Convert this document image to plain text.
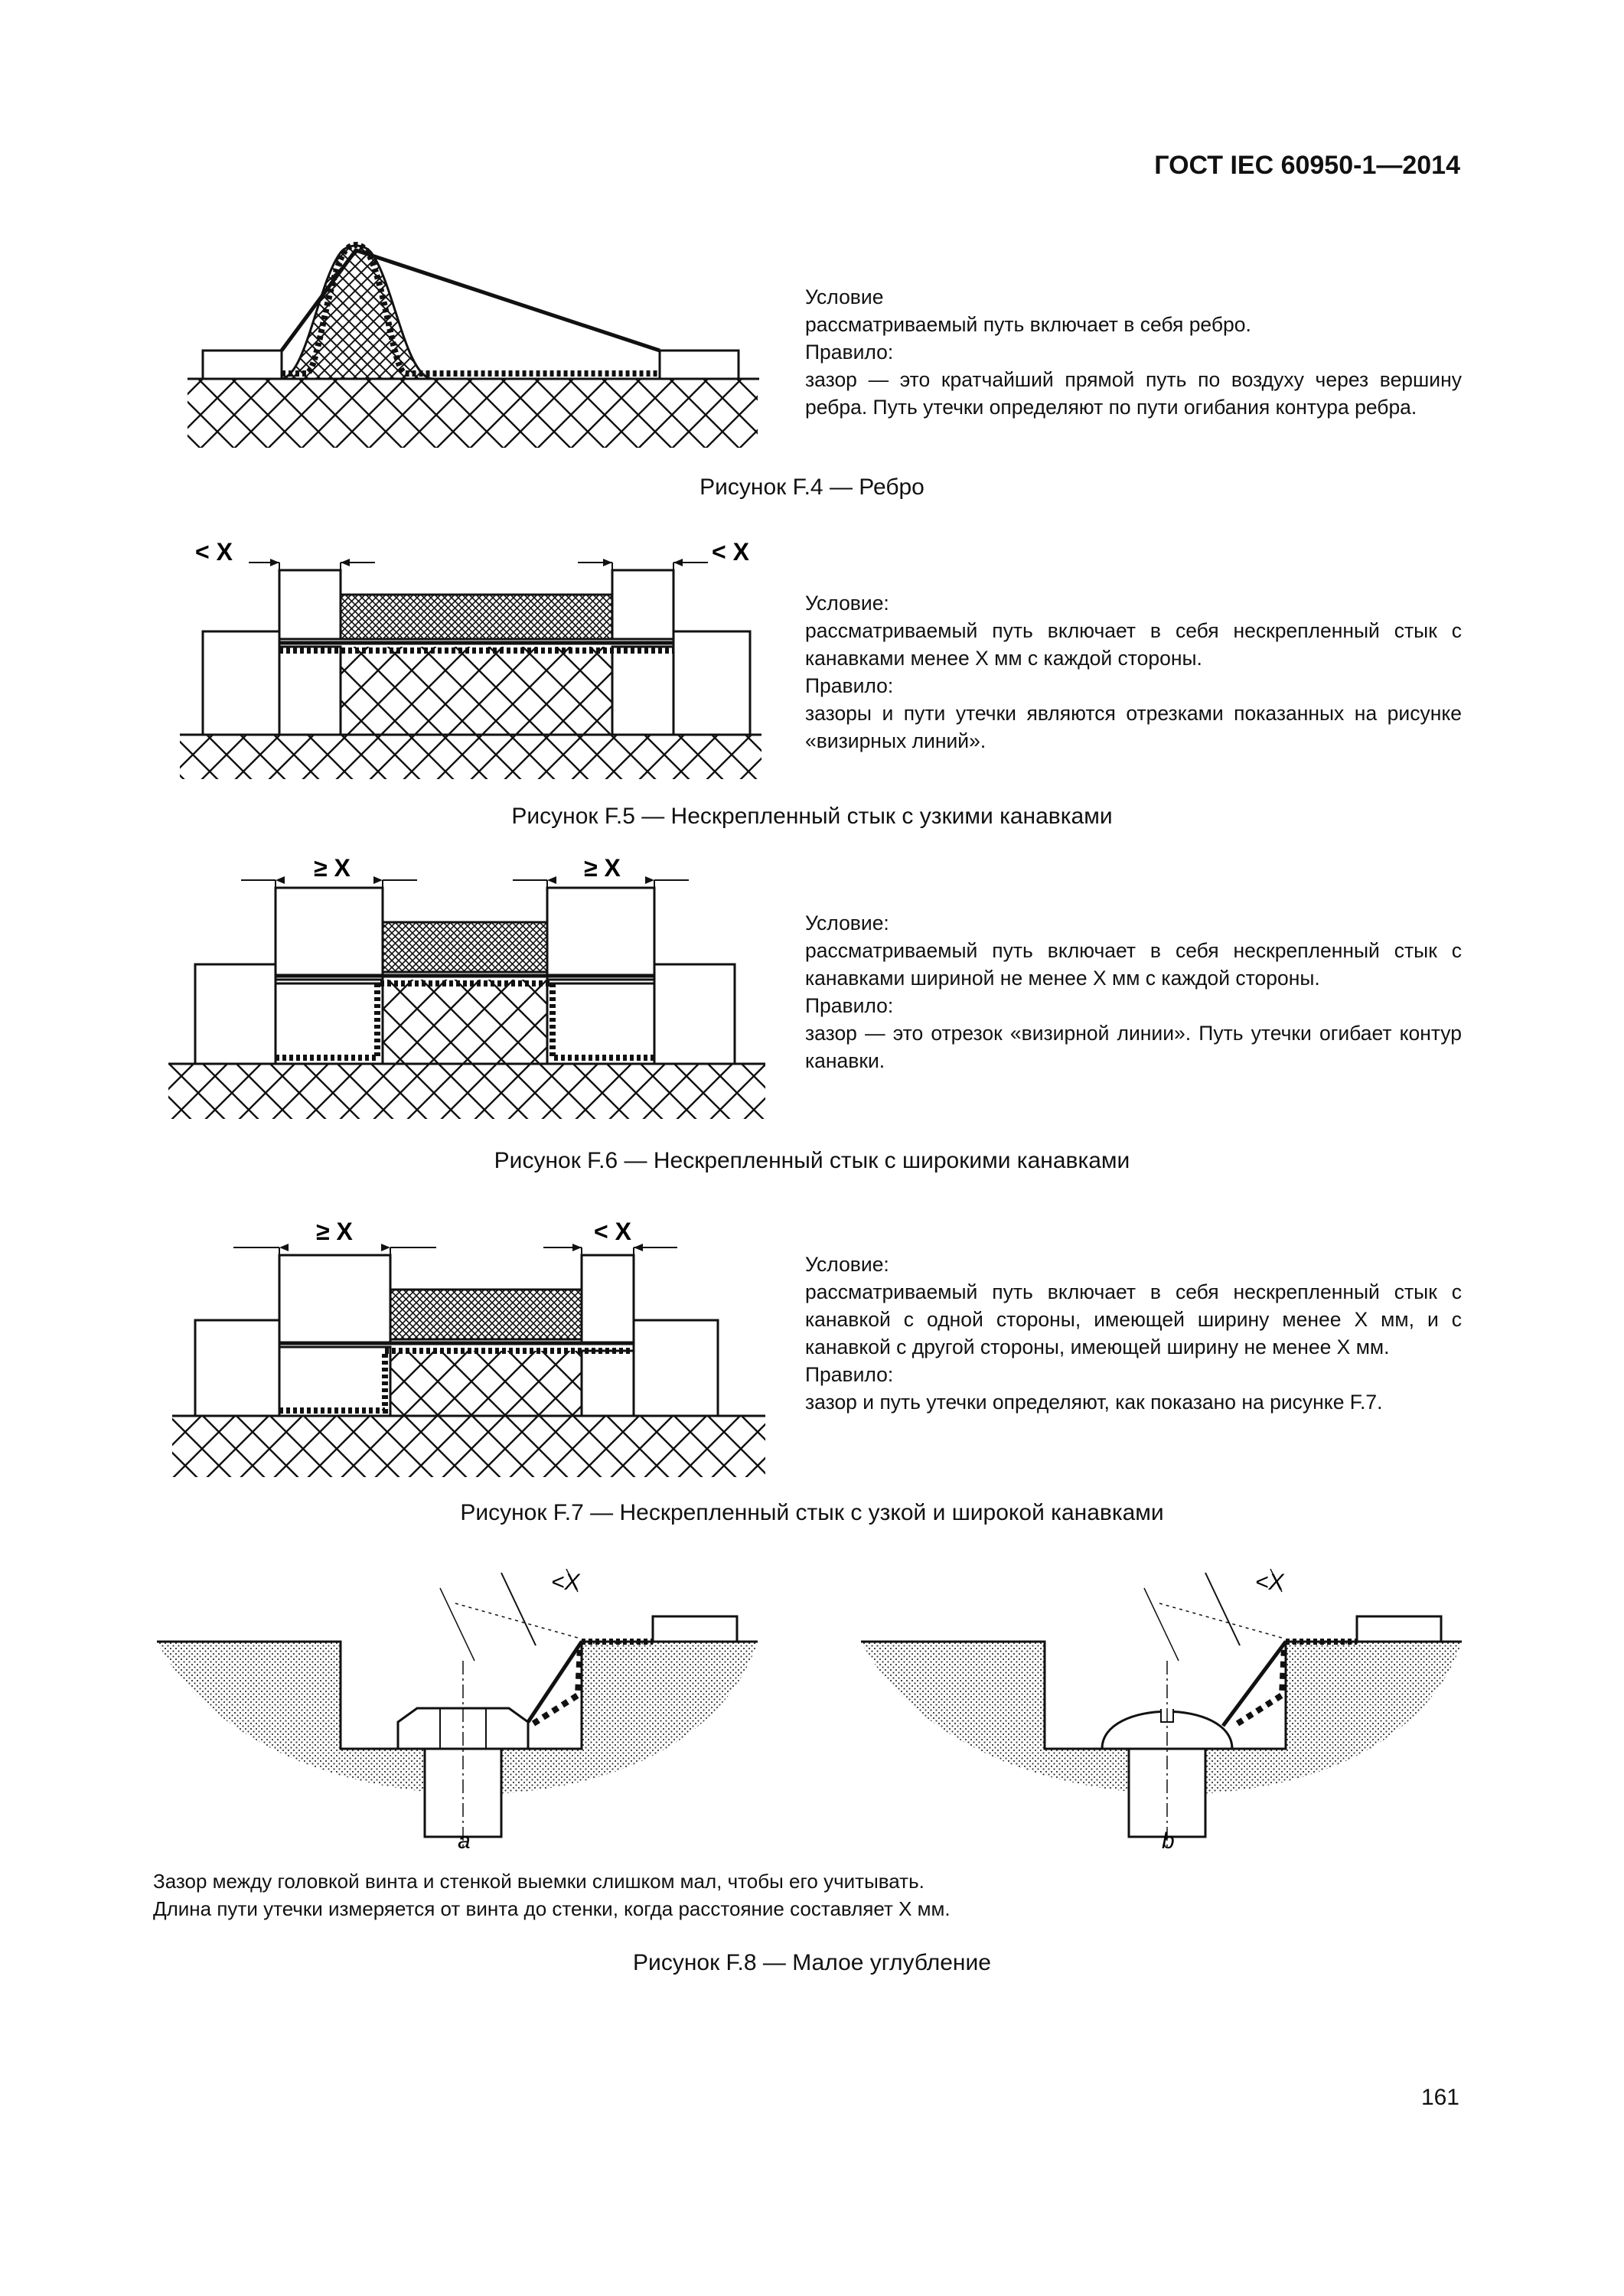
ГОСТ IEC 60950-1—2014

Условие

рассматриваемый путь включает в себя ребро.

Правило:

зазор — это кратчайший прямой путь по воздуху через вершину ребра. Путь утечки определяют по пути огибания контура ребра.

Рисунок F.4 — Ребро
< X	< X

Условие:

рассматриваемый путь включает в себя нескрепленный стык с канавками менее X мм с каждой стороны.

Правило:

зазоры и пути утечки являются отрезками показанных на рисунке «визирных линий».

Рисунок F.5 — Нескрепленный стык с узкими канавками
≥ X	≥ X

Условие:

рассматриваемый путь включает в себя нескрепленный стык с канавками шириной не менее X мм с каждой стороны.

Правило:

зазор — это отрезок «визирной линии». Путь утечки огибает контур канавки.

Рисунок F.6 — Нескрепленный стык с широкими канавками
≥ X	< X

Условие:

рассматриваемый путь включает в себя нескрепленный стык с канавкой с одной стороны, имеющей ширину менее X мм, и с канавкой с другой стороны, имеющей ширину не менее X мм.

Правило:

зазор и путь утечки определяют, как показано на рисунке F.7.

Рисунок F.7 — Нескрепленный стык с узкой и широкой канавками
<X
a
<X
b
Зазор между головкой винта и стенкой выемки слишком мал, чтобы его учитывать.
Длина пути утечки измеряется от винта до стенки, когда расстояние составляет X мм.
Рисунок F.8 — Малое углубление
161
